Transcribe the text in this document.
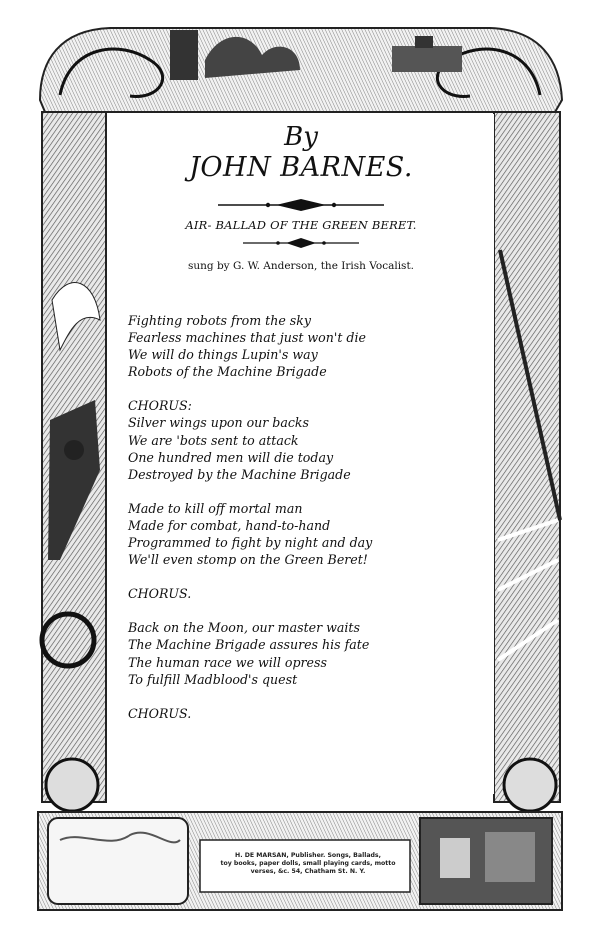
By
JOHN BARNES.
AIR- BALLAD OF THE GREEN BERET.
sung by G. W. Anderson, the Irish Vocalist.
Fighting robots from the sky
Fearless machines that just won't die
We will do things Lupin's way
Robots of the Machine Brigade
CHORUS:
Silver wings upon our backs
We are 'bots sent to attack
One hundred men will die today
Destroyed by the Machine Brigade
Made to kill off mortal man
Made for combat, hand-to-hand
Programmed to fight by night and day
We'll even stomp on the Green Beret!
CHORUS.
Back on the Moon, our master waits
The Machine Brigade assures his fate
The human race we will opress
To fulfill Madblood's quest
CHORUS.
H. DE MARSAN, Publisher. Songs, Ballads,
toy books, paper dolls, small playing cards, motto
verses, &c. 54, Chatham St. N. Y.
